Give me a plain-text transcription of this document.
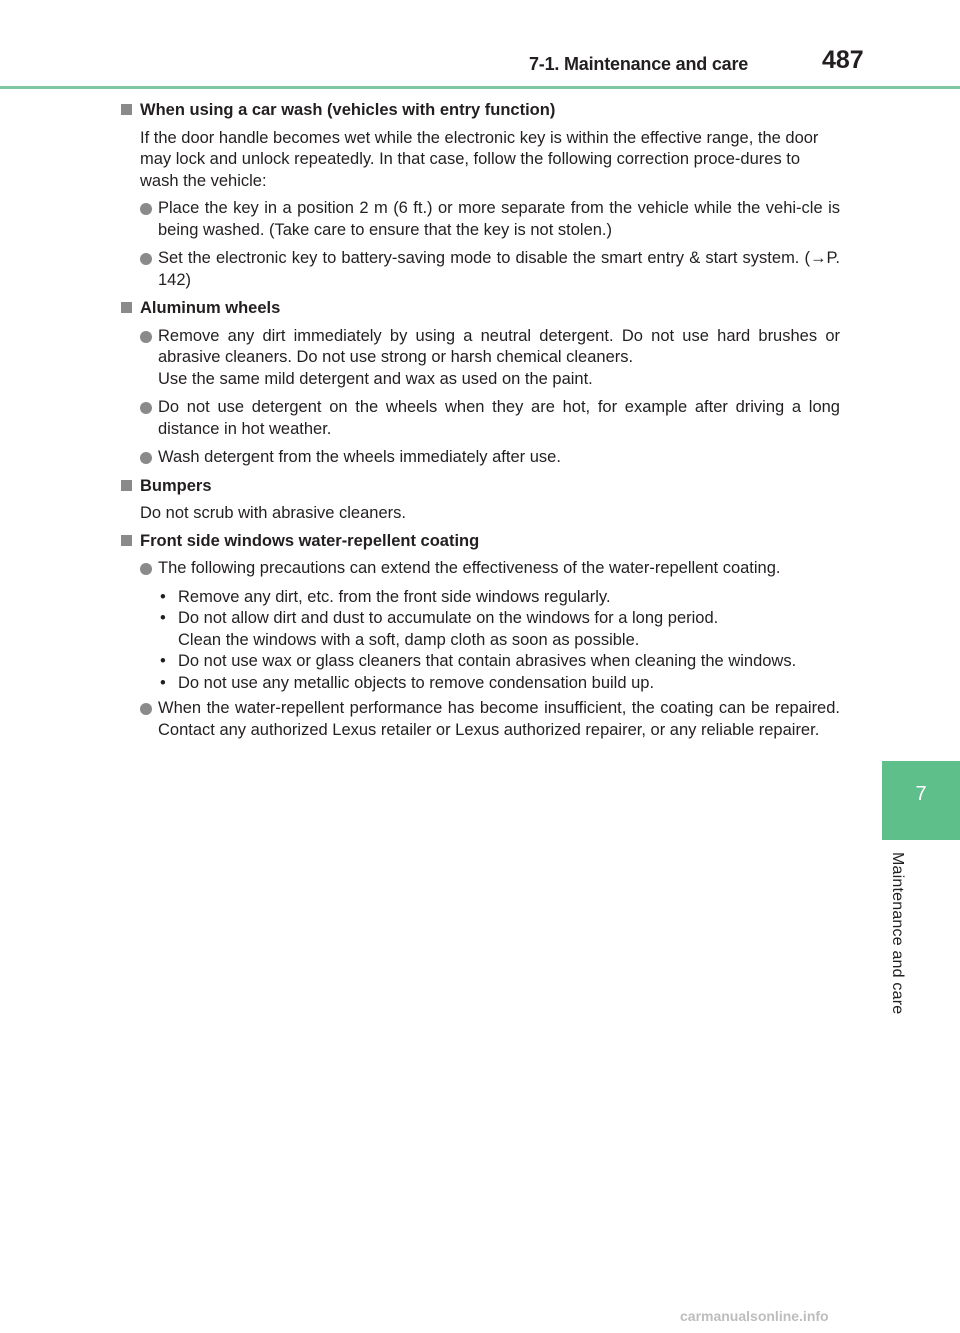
7-1. Maintenance and care	487
7
Maintenance and care
When using a car wash (vehicles with entry function)
If the door handle becomes wet while the electronic key is within the effective range, the door may lock and unlock repeatedly. In that case, follow the following correction proce-dures to wash the vehicle:
Place the key in a position 2 m (6 ft.) or more separate from the vehicle while the vehi-cle is being washed. (Take care to ensure that the key is not stolen.)
Set the electronic key to battery-saving mode to disable the smart entry & start system. (→P. 142)
Aluminum wheels
Remove any dirt immediately by using a neutral detergent. Do not use hard brushes or abrasive cleaners. Do not use strong or harsh chemical cleaners.
Use the same mild detergent and wax as used on the paint.
Do not use detergent on the wheels when they are hot, for example after driving a long distance in hot weather.
Wash detergent from the wheels immediately after use.
Bumpers
Do not scrub with abrasive cleaners.
Front side windows water-repellent coating
The following precautions can extend the effectiveness of the water-repellent coating.
• Remove any dirt, etc. from the front side windows regularly.
• Do not allow dirt and dust to accumulate on the windows for a long period.
Clean the windows with a soft, damp cloth as soon as possible.
• Do not use wax or glass cleaners that contain abrasives when cleaning the windows.
• Do not use any metallic objects to remove condensation build up.
When the water-repellent performance has become insufficient, the coating can be repaired. Contact any authorized Lexus retailer or Lexus authorized repairer, or any reliable repairer.
carmanualsonline.info
